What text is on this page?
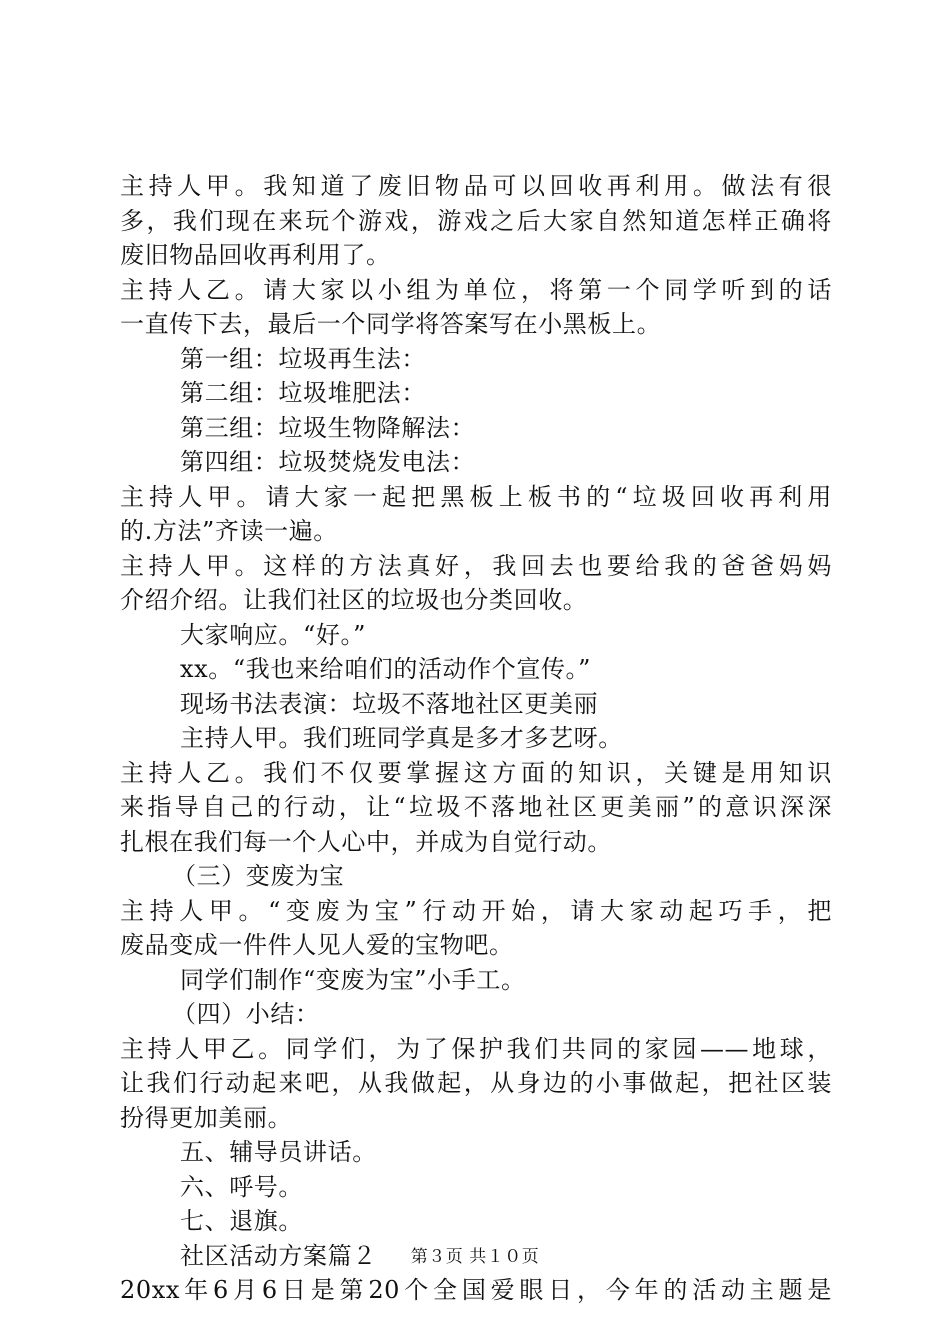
主持人甲。我知道了废旧物品可以回收再利用。做法有很
多，我们现在来玩个游戏，游戏之后大家自然知道怎样正确将
废旧物品回收再利用了。
主持人乙。请大家以小组为单位，将第一个同学听到的话
一直传下去，最后一个同学将答案写在小黑板上。
第一组：垃圾再生法：
第二组：垃圾堆肥法：
第三组：垃圾生物降解法：
第四组：垃圾焚烧发电法：
主持人甲。请大家一起把黑板上板书的“垃圾回收再利用
的.方法”齐读一遍。
主持人甲。这样的方法真好，我回去也要给我的爸爸妈妈
介绍介绍。让我们社区的垃圾也分类回收。
大家响应。“好。”
xx。“我也来给咱们的活动作个宣传。”
现场书法表演：垃圾不落地社区更美丽
主持人甲。我们班同学真是多才多艺呀。
主持人乙。我们不仅要掌握这方面的知识，关键是用知识
来指导自己的行动，让“垃圾不落地社区更美丽”的意识深深
扎根在我们每一个人心中，并成为自觉行动。
（三）变废为宝
主持人甲。“变废为宝”行动开始，请大家动起巧手，把
废品变成一件件人见人爱的宝物吧。
同学们制作“变废为宝”小手工。
（四）小结：
主持人甲乙。同学们，为了保护我们共同的家园——地球，
让我们行动起来吧，从我做起，从身边的小事做起，把社区装
扮得更加美丽。
五、辅导员讲话。
六、呼号。
七、退旗。
社区活动方案篇２
20xx年6月6日是第20个全国爱眼日，今年的活动主题是
第３页 共１０页
